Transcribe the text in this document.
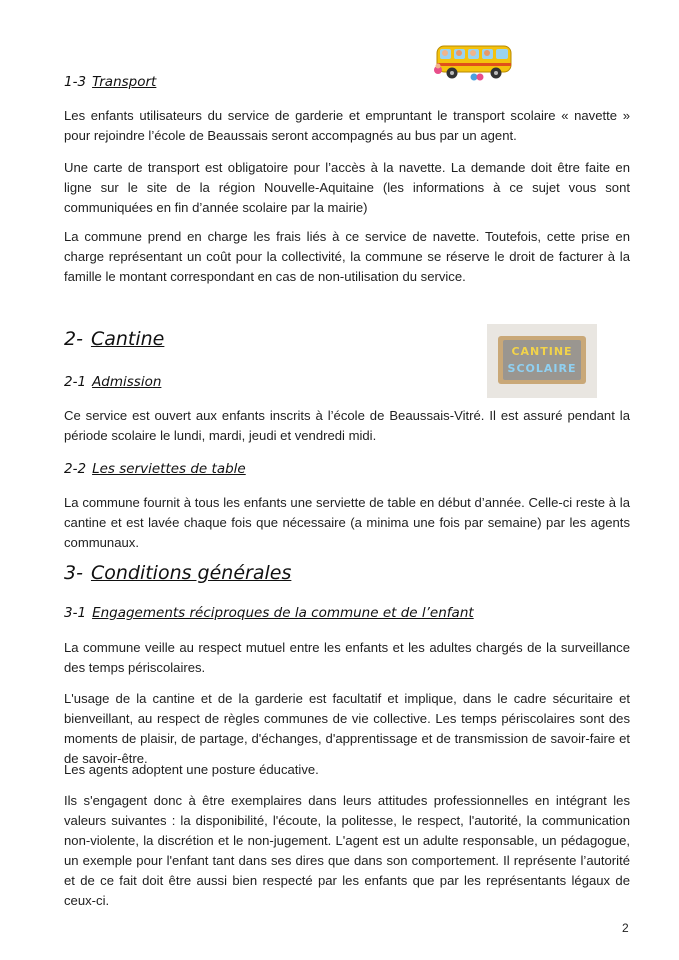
1-3 Transport

Les enfants utilisateurs du service de garderie et empruntant le transport scolaire « navette » pour rejoindre l’école de Beaussais seront accompagnés au bus par un agent.

Une carte de transport est obligatoire pour l’accès à la navette. La demande doit être faite en ligne sur le site de la région Nouvelle-Aquitaine (les informations à ce sujet vous sont communiquées en fin d’année scolaire par la mairie)

La commune prend en charge les frais liés à ce service de navette. Toutefois, cette prise en charge représentant un coût pour la collectivité, la commune se réserve le droit de facturer à la famille le montant correspondant en cas de non-utilisation du service.

2- Cantine
CANTINE
SCOLAIRE
2-1 Admission

Ce service est ouvert aux enfants inscrits à l’école de Beaussais-Vitré. Il est assuré pendant la période scolaire le lundi, mardi, jeudi et vendredi midi.

2-2 Les serviettes de table

La commune fournit à tous les enfants une serviette de table en début d’année. Celle-ci reste à la cantine et est lavée chaque fois que nécessaire (a minima une fois par semaine) par les agents communaux.

3- Conditions générales
3-1 Engagements réciproques de la commune et de l’enfant

La commune veille au respect mutuel entre les enfants et les adultes chargés de la surveillance des temps périscolaires.

L'usage de la cantine et de la garderie est facultatif et implique, dans le cadre sécuritaire et bienveillant, au respect de règles communes de vie collective. Les temps périscolaires sont des moments de plaisir, de partage, d'échanges, d'apprentissage et de transmission de savoir-faire et de savoir-être.

Les agents adoptent une posture éducative.

Ils s'engagent donc à être exemplaires dans leurs attitudes professionnelles en intégrant les valeurs suivantes : la disponibilité, l'écoute, la politesse, le respect, l'autorité, la communication non-violente, la discrétion et le non-jugement. L'agent est un adulte responsable, un pédagogue, un exemple pour l'enfant tant dans ses dires que dans son comportement. Il représente l’autorité et de ce fait doit être aussi bien respecté par les enfants que par les représentants légaux de ceux-ci.

2
